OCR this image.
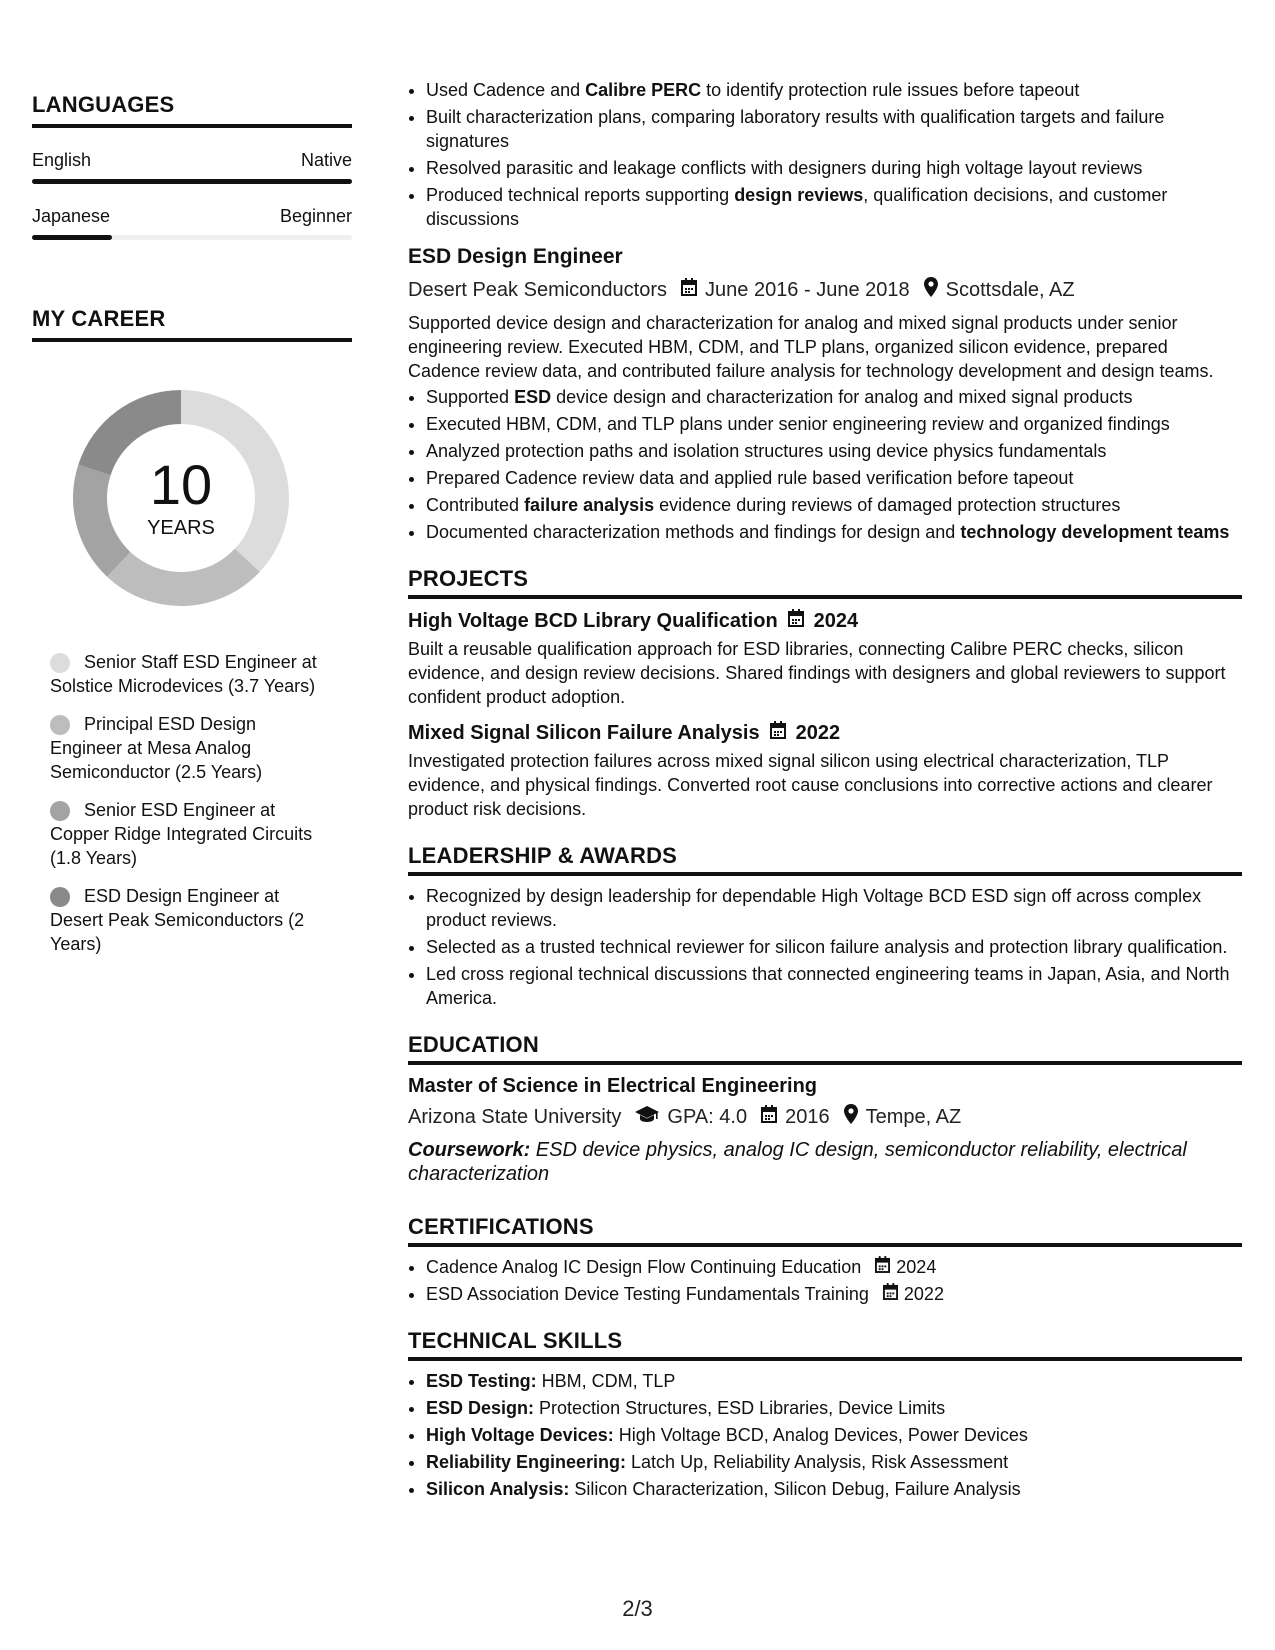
LANGUAGES
English	Native
Japanese	Beginner
MY CAREER
10
YEARS
Senior Staff ESD Engineer at Solstice Microdevices (3.7 Years)
Principal ESD Design Engineer at Mesa Analog Semiconductor (2.5 Years)
Senior ESD Engineer at Copper Ridge Integrated Circuits (1.8 Years)
ESD Design Engineer at Desert Peak Semiconductors (2 Years)
• Used Cadence and Calibre PERC to identify protection rule issues before tapeout
• Built characterization plans, comparing laboratory results with qualification targets and failure signatures
• Resolved parasitic and leakage conflicts with designers during high voltage layout reviews
• Produced technical reports supporting design reviews, qualification decisions, and customer discussions
ESD Design Engineer
Desert Peak Semiconductors June 2016 - June 2018 Scottsdale, AZ
Supported device design and characterization for analog and mixed signal products under senior engineering review. Executed HBM, CDM, and TLP plans, organized silicon evidence, prepared Cadence review data, and contributed failure analysis for technology development and design teams.
• Supported ESD device design and characterization for analog and mixed signal products
• Executed HBM, CDM, and TLP plans under senior engineering review and organized findings
• Analyzed protection paths and isolation structures using device physics fundamentals
• Prepared Cadence review data and applied rule based verification before tapeout
• Contributed failure analysis evidence during reviews of damaged protection structures
• Documented characterization methods and findings for design and technology development teams
PROJECTS
High Voltage BCD Library Qualification 2024
Built a reusable qualification approach for ESD libraries, connecting Calibre PERC checks, silicon evidence, and design review decisions. Shared findings with designers and global reviewers to support confident product adoption.
Mixed Signal Silicon Failure Analysis 2022
Investigated protection failures across mixed signal silicon using electrical characterization, TLP evidence, and physical findings. Converted root cause conclusions into corrective actions and clearer product risk decisions.
LEADERSHIP & AWARDS
• Recognized by design leadership for dependable High Voltage BCD ESD sign off across complex product reviews.
• Selected as a trusted technical reviewer for silicon failure analysis and protection library qualification.
• Led cross regional technical discussions that connected engineering teams in Japan, Asia, and North America.
EDUCATION
Master of Science in Electrical Engineering
Arizona State University GPA: 4.0 2016 Tempe, AZ
Coursework: ESD device physics, analog IC design, semiconductor reliability, electrical characterization
CERTIFICATIONS
• Cadence Analog IC Design Flow Continuing Education 2024
• ESD Association Device Testing Fundamentals Training 2022
TECHNICAL SKILLS
• ESD Testing: HBM, CDM, TLP
• ESD Design: Protection Structures, ESD Libraries, Device Limits
• High Voltage Devices: High Voltage BCD, Analog Devices, Power Devices
• Reliability Engineering: Latch Up, Reliability Analysis, Risk Assessment
• Silicon Analysis: Silicon Characterization, Silicon Debug, Failure Analysis
2/3
